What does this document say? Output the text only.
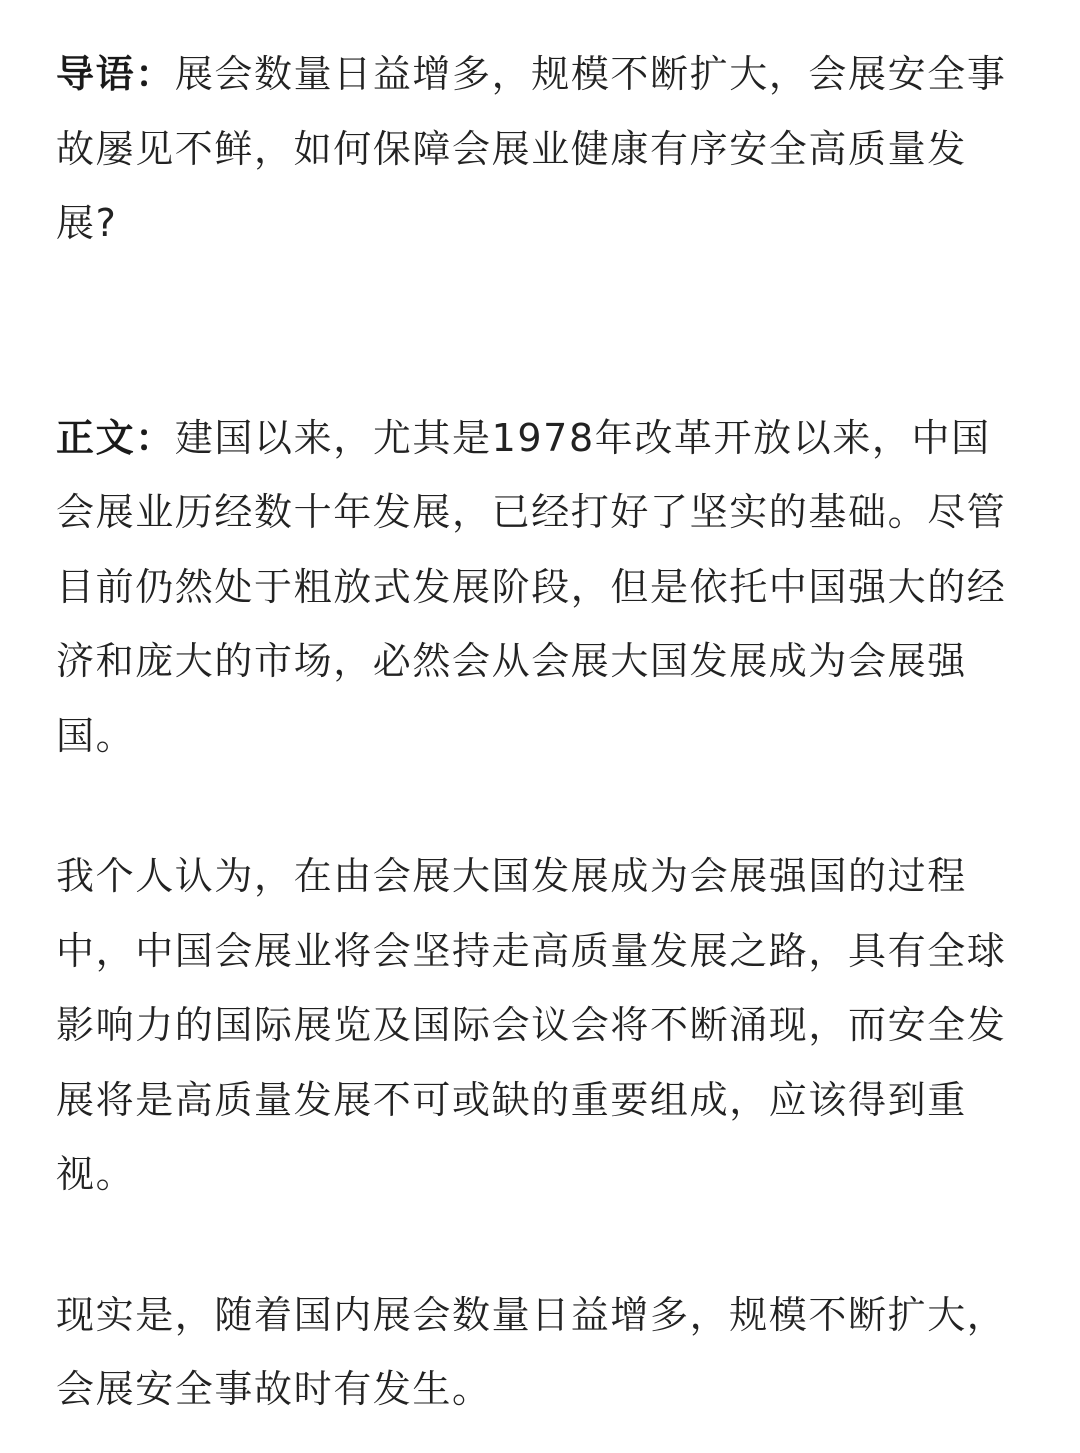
导语：展会数量日益增多，规模不断扩大，会展安全事故屡见不鲜，如何保障会展业健康有序安全高质量发展?

正文：建国以来，尤其是1978年改革开放以来，中国会展业历经数十年发展，已经打好了坚实的基础。尽管目前仍然处于粗放式发展阶段，但是依托中国强大的经济和庞大的市场，必然会从会展大国发展成为会展强国。

我个人认为，在由会展大国发展成为会展强国的过程中，中国会展业将会坚持走高质量发展之路，具有全球影响力的国际展览及国际会议会将不断涌现，而安全发展将是高质量发展不可或缺的重要组成，应该得到重视。

现实是，随着国内展会数量日益增多，规模不断扩大，会展安全事故时有发生。
